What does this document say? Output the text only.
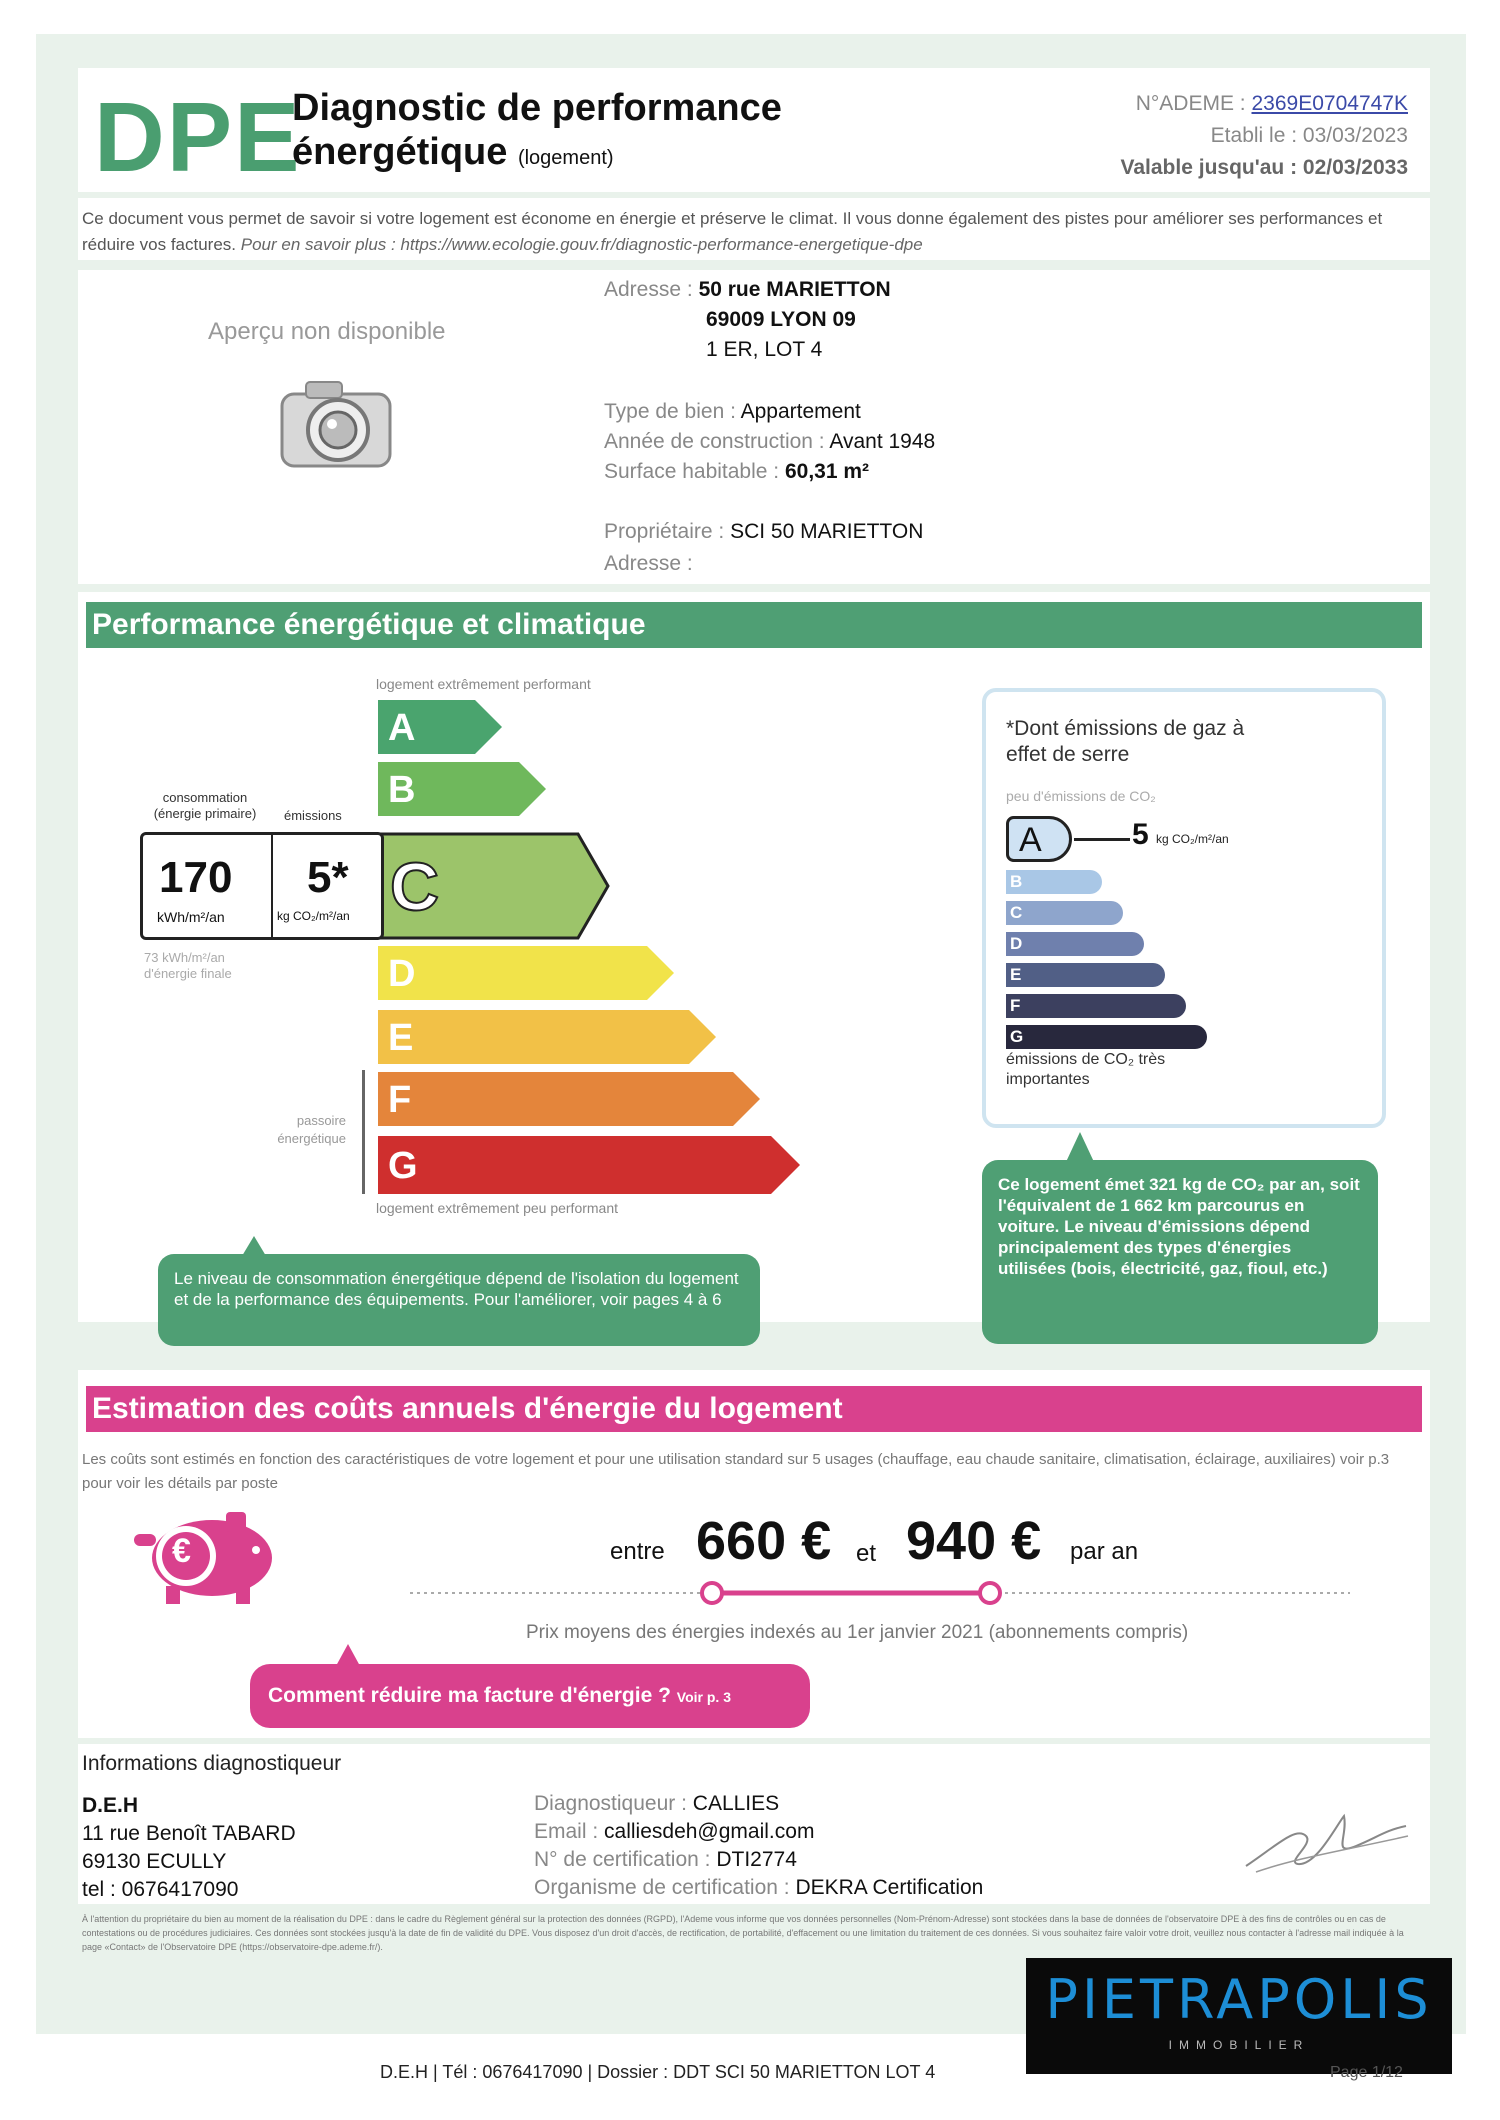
DPE
Diagnostic de performance
énergétique (logement)
N°ADEME : 2369E0704747K
Etabli le : 03/03/2023
Valable jusqu'au : 02/03/2033
Ce document vous permet de savoir si votre logement est économe en énergie et préserve le climat. Il vous donne également des pistes pour améliorer ses performances et réduire vos factures. Pour en savoir plus : https://www.ecologie.gouv.fr/diagnostic-performance-energetique-dpe
Aperçu non disponible
Adresse : 50 rue MARIETTON
69009 LYON 09
1 ER, LOT 4
Type de bien : Appartement
Année de construction : Avant 1948
Surface habitable : 60,31 m²
Propriétaire : SCI 50 MARIETTON
Adresse :
Performance énergétique et climatique
logement extrêmement performant
consommation (énergie primaire)	émissions
A
B
C
D
E
F
G
170
kWh/m²/an
5*
kg CO₂/m²/an
73 kWh/m²/an d'énergie finale
passoire énergétique
logement extrêmement peu performant
Le niveau de consommation énergétique dépend de l'isolation du logement et de la performance des équipements. Pour l'améliorer, voir pages 4 à 6
*Dont émissions de gaz à effet de serre
peu d'émissions de CO₂
A	5 kg CO₂/m²/an
B
C
D
E
F
G
émissions de CO₂ très importantes
Ce logement émet 321 kg de CO₂ par an, soit l'équivalent de 1 662 km parcourus en voiture. Le niveau d'émissions dépend principalement des types d'énergies utilisées (bois, électricité, gaz, fioul, etc.)
Estimation des coûts annuels d'énergie du logement
Les coûts sont estimés en fonction des caractéristiques de votre logement et pour une utilisation standard sur 5 usages (chauffage, eau chaude sanitaire, climatisation, éclairage, auxiliaires) voir p.3 pour voir les détails par poste
€	entre 660 € et 940 € par an
Prix moyens des énergies indexés au 1er janvier 2021 (abonnements compris)
Comment réduire ma facture d'énergie ? Voir p. 3
Informations diagnostiqueur
D.E.H
11 rue Benoît TABARD
69130 ECULLY
tel : 0676417090
Diagnostiqueur : CALLIES
Email : calliesdeh@gmail.com
N° de certification : DTI2774
Organisme de certification : DEKRA Certification
À l'attention du propriétaire du bien au moment de la réalisation du DPE : dans le cadre du Règlement général sur la protection des données (RGPD), l'Ademe vous informe que vos données personnelles (Nom-Prénom-Adresse) sont stockées dans la base de données de l'observatoire DPE à des fins de contrôles ou en cas de contestations ou de procédures judiciaires. Ces données sont stockées jusqu'à la date de fin de validité du DPE. Vous disposez d'un droit d'accès, de rectification, de portabilité, d'effacement ou une limitation du traitement de ces données. Si vous souhaitez faire valoir votre droit, veuillez nous contacter à l'adresse mail indiquée à la page «Contact» de l'Observatoire DPE (https://observatoire-dpe.ademe.fr/).
PIETRAPOLIS
IMMOBILIER
D.E.H | Tél : 0676417090 | Dossier : DDT SCI 50 MARIETTON LOT 4	Page 1/12
